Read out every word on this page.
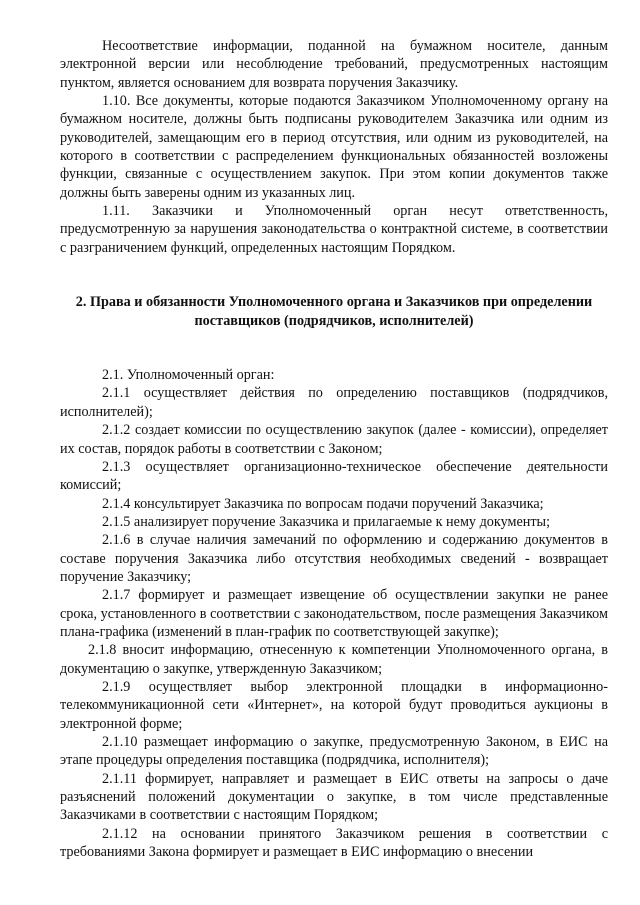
Несоответствие информации, поданной на бумажном носителе, данным электронной версии или несоблюдение требований, предусмотренных настоящим пунктом, является основанием для возврата поручения Заказчику.

1.10. Все документы, которые подаются Заказчиком Уполномоченному органу на бумажном носителе, должны быть подписаны руководителем Заказчика или одним из руководителей, замещающим его в период отсутствия, или одним из руководителей, на которого в соответствии с распределением функциональных обязанностей возложены функции, связанные с осуществлением закупок. При этом копии документов также должны быть заверены одним из указанных лиц.

1.11. Заказчики и Уполномоченный орган несут ответственность, предусмотренную за нарушения законодательства о контрактной системе, в соответствии с разграничением функций, определенных настоящим Порядком.

2. Права и обязанности Уполномоченного органа и Заказчиков при определении поставщиков (подрядчиков, исполнителей)

2.1. Уполномоченный орган:

2.1.1 осуществляет действия по определению поставщиков (подрядчиков, исполнителей);

2.1.2 создает комиссии по осуществлению закупок (далее - комиссии), определяет их состав, порядок работы в соответствии с Законом;

2.1.3 осуществляет организационно-техническое обеспечение деятельности комиссий;

2.1.4 консультирует Заказчика по вопросам подачи поручений Заказчика;

2.1.5 анализирует поручение Заказчика и прилагаемые к нему документы;

2.1.6 в случае наличия замечаний по оформлению и содержанию документов в составе поручения Заказчика либо отсутствия необходимых сведений - возвращает поручение Заказчику;

2.1.7 формирует и размещает извещение об осуществлении закупки не ранее срока, установленного в соответствии с законодательством, после размещения Заказчиком плана-графика (изменений в план-график по соответствующей закупке);

2.1.8 вносит информацию, отнесенную к компетенции Уполномоченного органа, в документацию о закупке, утвержденную Заказчиком;

2.1.9 осуществляет выбор электронной площадки в информационно-телекоммуникационной сети «Интернет», на которой будут проводиться аукционы в электронной форме;

2.1.10 размещает информацию о закупке, предусмотренную Законом, в ЕИС на этапе процедуры определения поставщика (подрядчика, исполнителя);

2.1.11 формирует, направляет и размещает в ЕИС ответы на запросы о даче разъяснений положений документации о закупке, в том числе представленные Заказчиками в соответствии с настоящим Порядком;

2.1.12 на основании принятого Заказчиком решения в соответствии с требованиями Закона формирует и размещает в ЕИС информацию о внесении
